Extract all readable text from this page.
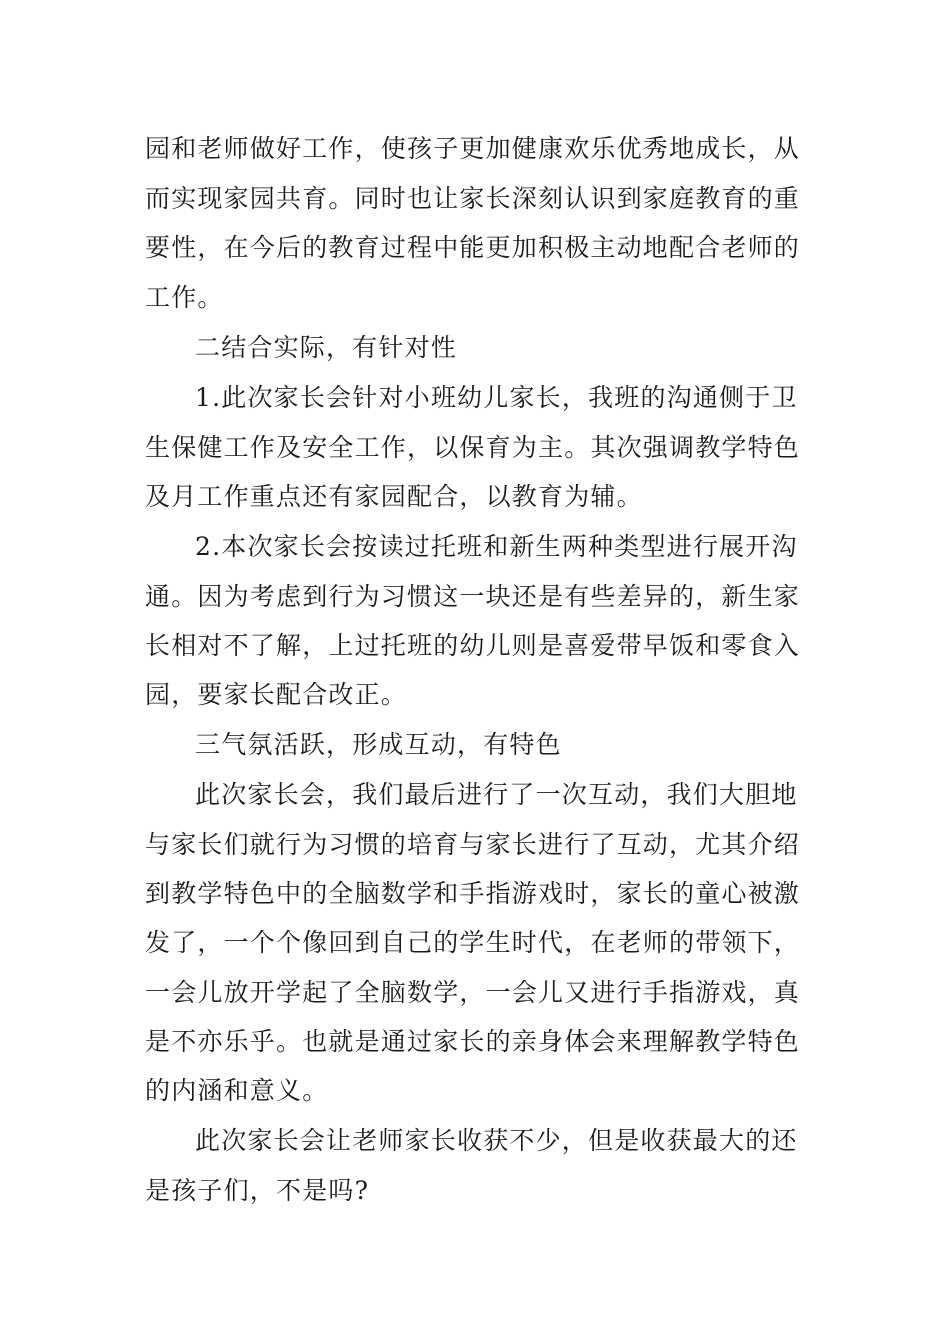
园和老师做好工作，使孩子更加健康欢乐优秀地成长，从
而实现家园共育。同时也让家长深刻认识到家庭教育的重
要性，在今后的教育过程中能更加积极主动地配合老师的
工作。
二结合实际，有针对性
1.此次家长会针对小班幼儿家长，我班的沟通侧于卫
生保健工作及安全工作，以保育为主。其次强调教学特色
及月工作重点还有家园配合，以教育为辅。
2.本次家长会按读过托班和新生两种类型进行展开沟
通。因为考虑到行为习惯这一块还是有些差异的，新生家
长相对不了解，上过托班的幼儿则是喜爱带早饭和零食入
园，要家长配合改正。
三气氛活跃，形成互动，有特色
此次家长会，我们最后进行了一次互动，我们大胆地
与家长们就行为习惯的培育与家长进行了互动，尤其介绍
到教学特色中的全脑数学和手指游戏时，家长的童心被激
发了，一个个像回到自己的学生时代，在老师的带领下，
一会儿放开学起了全脑数学，一会儿又进行手指游戏，真
是不亦乐乎。也就是通过家长的亲身体会来理解教学特色
的内涵和意义。
此次家长会让老师家长收获不少，但是收获最大的还
是孩子们，不是吗?
